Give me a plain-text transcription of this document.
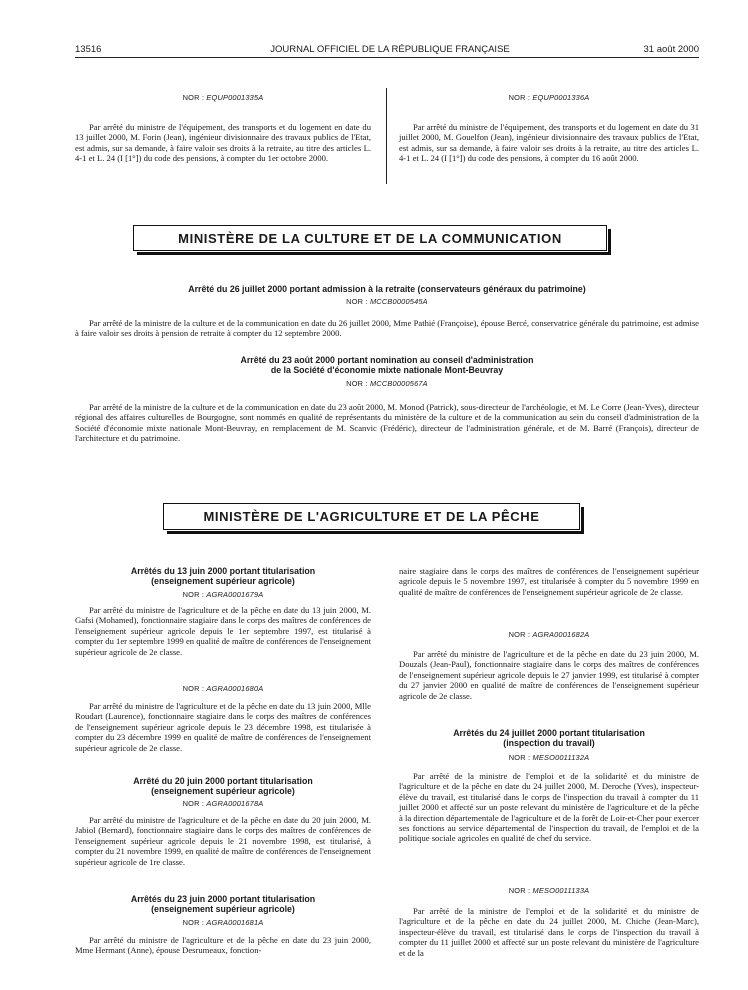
13516	JOURNAL OFFICIEL DE LA RÉPUBLIQUE FRANÇAISE	31 août 2000
NOR : EQUP0001335A
Par arrêté du ministre de l'équipement, des transports et du logement en date du 13 juillet 2000, M. Forin (Jean), ingénieur divisionnaire des travaux publics de l'Etat, est admis, sur sa demande, à faire valoir ses droits à la retraite, au titre des articles L. 4-1 et L. 24 (I [1°]) du code des pensions, à compter du 1er octobre 2000.
NOR : EQUP0001336A
Par arrêté du ministre de l'équipement, des transports et du logement en date du 31 juillet 2000, M. Gouelfon (Jean), ingénieur divisionnaire des travaux publics de l'Etat, est admis, sur sa demande, à faire valoir ses droits à la retraite, au titre des articles L. 4-1 et L. 24 (I [1°]) du code des pensions, à compter du 16 août 2000.
MINISTÈRE DE LA CULTURE ET DE LA COMMUNICATION
Arrêté du 26 juillet 2000 portant admission à la retraite (conservateurs généraux du patrimoine)
NOR : MCCB0000545A
Par arrêté de la ministre de la culture et de la communication en date du 26 juillet 2000, Mme Pathié (Françoise), épouse Bercé, conservatrice générale du patrimoine, est admise à faire valoir ses droits à pension de retraite à compter du 12 septembre 2000.
Arrêté du 23 août 2000 portant nomination au conseil d'administration
de la Société d'économie mixte nationale Mont-Beuvray
NOR : MCCB0000567A
Par arrêté de la ministre de la culture et de la communication en date du 23 août 2000, M. Monod (Patrick), sous-directeur de l'archéologie, et M. Le Corre (Jean-Yves), directeur régional des affaires culturelles de Bourgogne, sont nommés en qualité de représentants du ministère de la culture et de la communication au sein du conseil d'administration de la Société d'économie mixte nationale Mont-Beuvray, en remplacement de M. Scanvic (Frédéric), directeur de l'administration générale, et de M. Barré (François), directeur de l'architecture et du patrimoine.
MINISTÈRE DE L'AGRICULTURE ET DE LA PÊCHE
Arrêtés du 13 juin 2000 portant titularisation
(enseignement supérieur agricole)
NOR : AGRA0001679A
Par arrêté du ministre de l'agriculture et de la pêche en date du 13 juin 2000, M. Gafsi (Mohamed), fonctionnaire stagiaire dans le corps des maîtres de conférences de l'enseignement supérieur agricole depuis le 1er septembre 1997, est titularisé à compter du 1er septembre 1999 en qualité de maître de conférences de l'enseignement supérieur agricole de 2e classe.
NOR : AGRA0001680A
Par arrêté du ministre de l'agriculture et de la pêche en date du 13 juin 2000, Mlle Roudart (Laurence), fonctionnaire stagiaire dans le corps des maîtres de conférences de l'enseignement supérieur agricole depuis le 23 décembre 1998, est titularisée à compter du 23 décembre 1999 en qualité de maître de conférences de l'enseignement supérieur agricole de 2e classe.
Arrêté du 20 juin 2000 portant titularisation
(enseignement supérieur agricole)
NOR : AGRA0001678A
Par arrêté du ministre de l'agriculture et de la pêche en date du 20 juin 2000, M. Jabiol (Bernard), fonctionnaire stagiaire dans le corps des maîtres de conférences de l'enseignement supérieur agricole depuis le 21 novembre 1998, est titularisé, à compter du 21 novembre 1999, en qualité de maître de conférences de l'enseignement supérieur agricole de 1re classe.
Arrêtés du 23 juin 2000 portant titularisation
(enseignement supérieur agricole)
NOR : AGRA0001681A
Par arrêté du ministre de l'agriculture et de la pêche en date du 23 juin 2000, Mme Hermant (Anne), épouse Desrumeaux, fonction-
naire stagiaire dans le corps des maîtres de conférences de l'enseignement supérieur agricole depuis le 5 novembre 1997, est titularisée à compter du 5 novembre 1999 en qualité de maître de conférences de l'enseignement supérieur agricole de 2e classe.
NOR : AGRA0001682A
Par arrêté du ministre de l'agriculture et de la pêche en date du 23 juin 2000, M. Douzals (Jean-Paul), fonctionnaire stagiaire dans le corps des maîtres de conférences de l'enseignement supérieur agricole depuis le 27 janvier 1999, est titularisé à compter du 27 janvier 2000 en qualité de maître de conférences de l'enseignement supérieur agricole de 2e classe.
Arrêtés du 24 juillet 2000 portant titularisation
(inspection du travail)
NOR : MESO0011132A
Par arrêté de la ministre de l'emploi et de la solidarité et du ministre de l'agriculture et de la pêche en date du 24 juillet 2000, M. Deroche (Yves), inspecteur-élève du travail, est titularisé dans le corps de l'inspection du travail à compter du 11 juillet 2000 et affecté sur un poste relevant du ministère de l'agriculture et de la pêche à la direction départementale de l'agriculture et de la forêt de Loir-et-Cher pour exercer ses fonctions au service départemental de l'inspection du travail, de l'emploi et de la politique sociale agricoles en qualité de chef du service.
NOR : MESO0011133A
Par arrêté de la ministre de l'emploi et de la solidarité et du ministre de l'agriculture et de la pêche en date du 24 juillet 2000, M. Chiche (Jean-Marc), inspecteur-élève du travail, est titularisé dans le corps de l'inspection du travail à compter du 11 juillet 2000 et affecté sur un poste relevant du ministère de l'agriculture et de la
